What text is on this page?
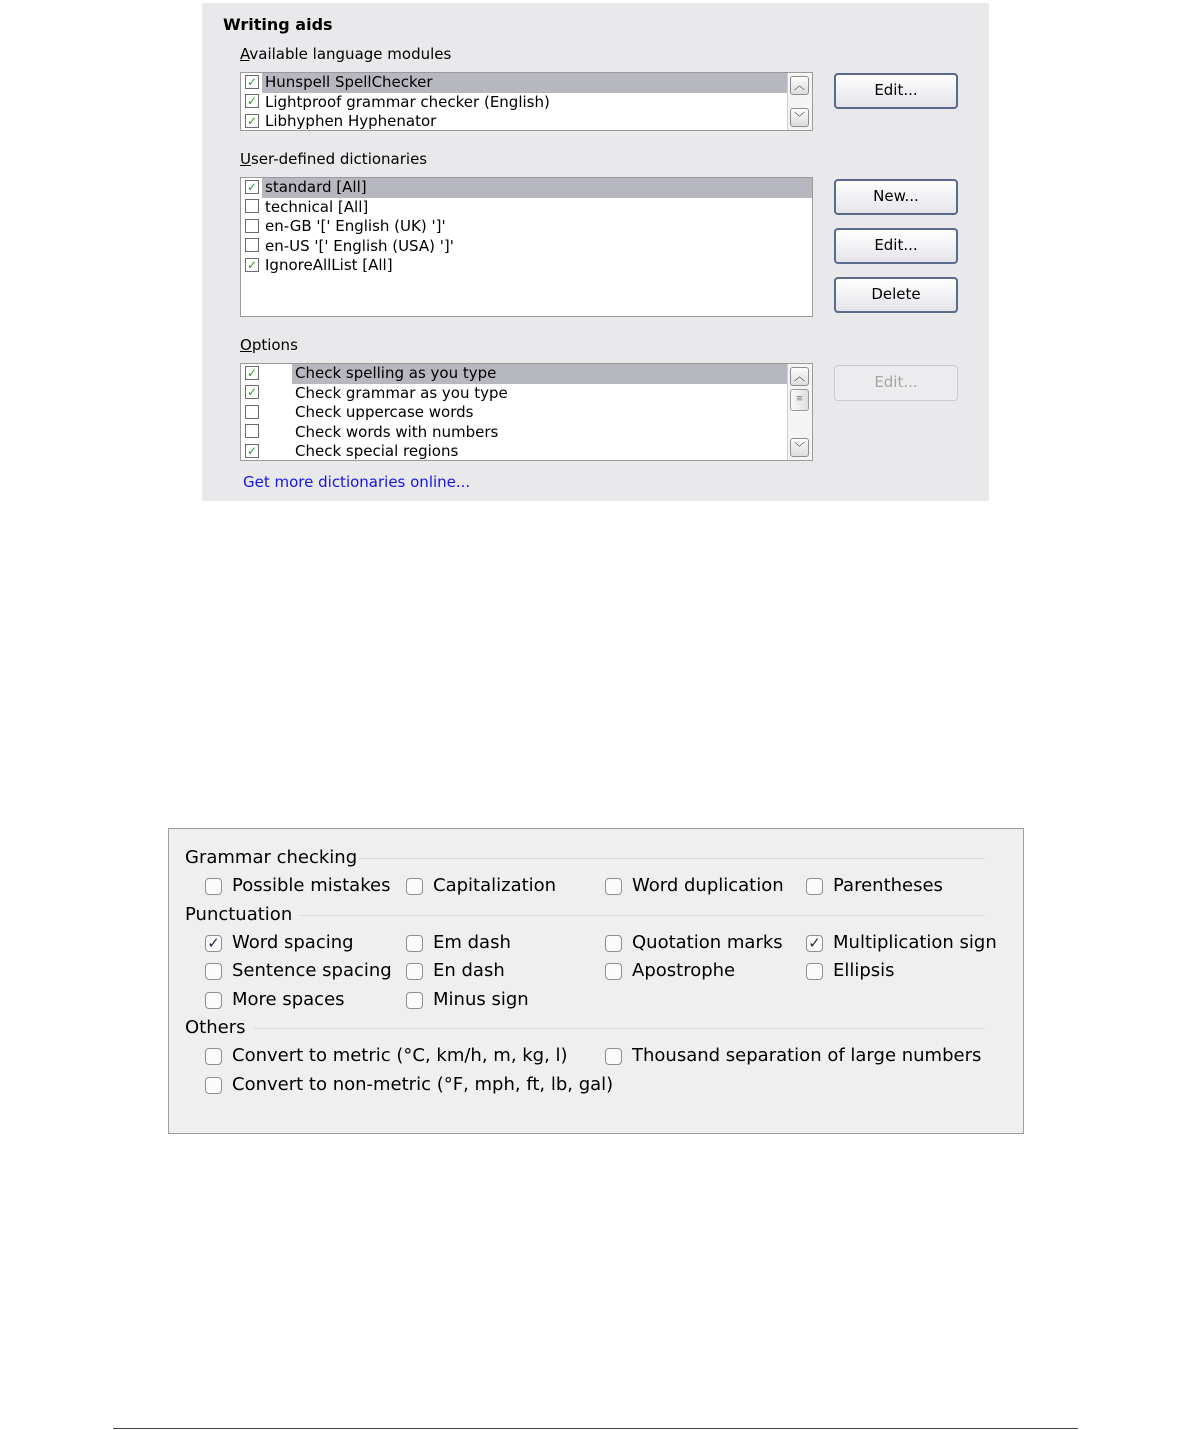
Writing aids
Available language modules
✓ Hunspell SpellChecker
✓ Lightproof grammar checker (English)
✓ Libhyphen Hyphenator
︿
﹀
Edit...
User-defined dictionaries
✓ standard [All]
technical [All]
en-GB '[' English (UK) ']'
en-US '[' English (USA) ']'
✓ IgnoreAllList [All]
New...
Edit...
Delete
Options
✓	Check spelling as you type
✓	Check grammar as you type
Check uppercase words
Check words with numbers
✓	Check special regions
︿
≡
﹀
Edit...
Get more dictionaries online...
Grammar checking
Possible mistakes Capitalization	Word duplication	Parentheses
Punctuation
✓ Word spacing	Em dash	Quotation marks ✓ Multiplication sign
Sentence spacing En dash	Apostrophe	Ellipsis
More spaces	Minus sign
Others
Convert to metric (°C, km/h, m, kg, l)	Thousand separation of large numbers
Convert to non-metric (°F, mph, ft, lb, gal)
